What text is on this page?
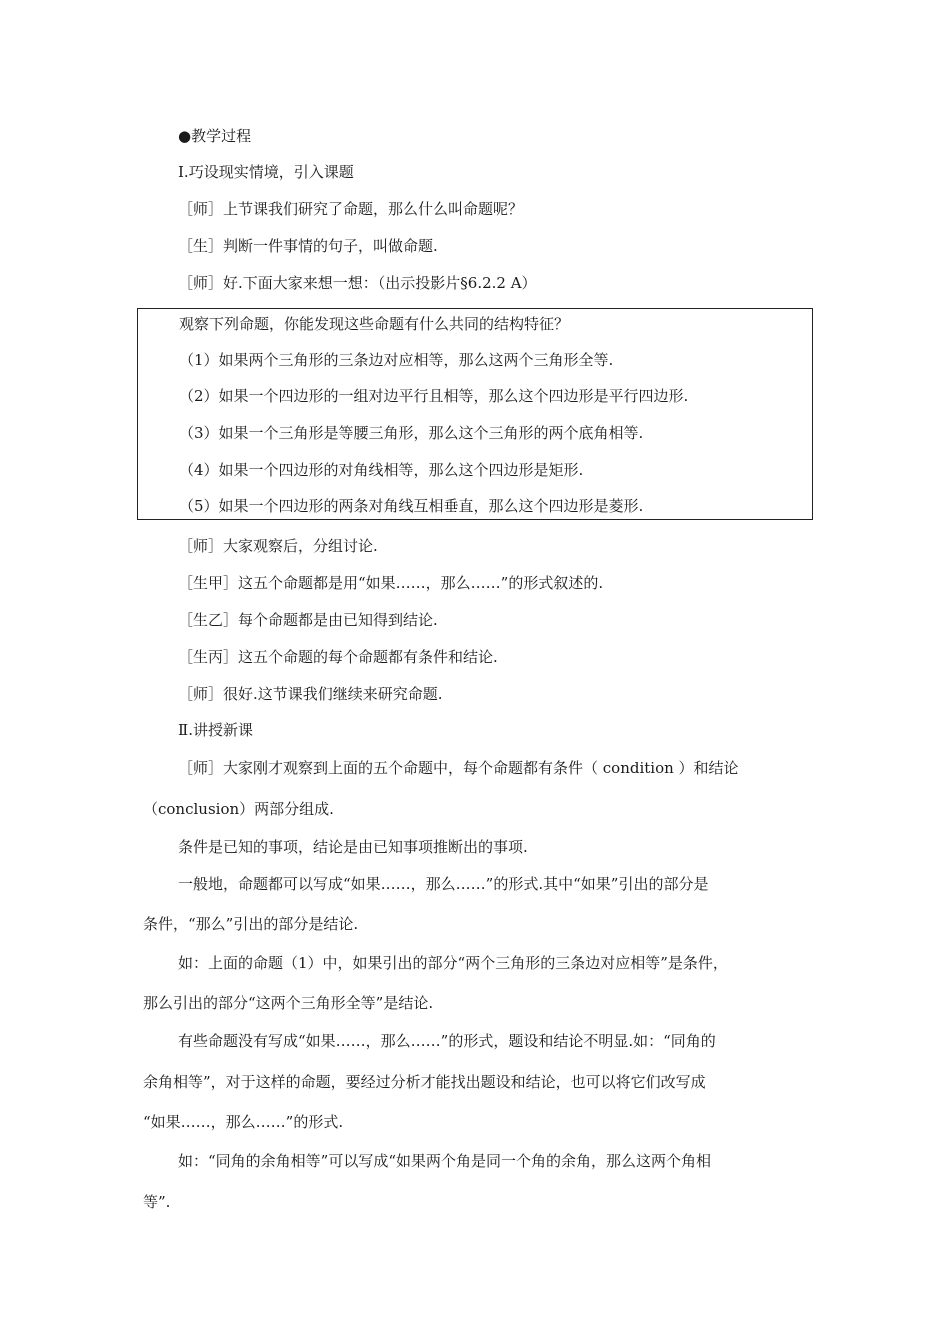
●教学过程
Ⅰ.巧设现实情境，引入课题
［师］上节课我们研究了命题，那么什么叫命题呢？
［生］判断一件事情的句子，叫做命题.
［师］好.下面大家来想一想：（出示投影片§6.2.2 A）
观察下列命题，你能发现这些命题有什么共同的结构特征？
（1）如果两个三角形的三条边对应相等，那么这两个三角形全等.
（2）如果一个四边形的一组对边平行且相等，那么这个四边形是平行四边形.
（3）如果一个三角形是等腰三角形，那么这个三角形的两个底角相等.
（4）如果一个四边形的对角线相等，那么这个四边形是矩形.
（5）如果一个四边形的两条对角线互相垂直，那么这个四边形是菱形.
［师］大家观察后，分组讨论.
［生甲］这五个命题都是用“如果……，那么……”的形式叙述的.
［生乙］每个命题都是由已知得到结论.
［生丙］这五个命题的每个命题都有条件和结论.
［师］很好.这节课我们继续来研究命题.
Ⅱ.讲授新课
［师］大家刚才观察到上面的五个命题中，每个命题都有条件（ condition ）和结论
（conclusion）两部分组成.
条件是已知的事项，结论是由已知事项推断出的事项.
一般地，命题都可以写成“如果……，那么……”的形式.其中“如果”引出的部分是
条件，“那么”引出的部分是结论.
如：上面的命题（1）中，如果引出的部分“两个三角形的三条边对应相等”是条件，
那么引出的部分“这两个三角形全等”是结论.
有些命题没有写成“如果……，那么……”的形式，题设和结论不明显.如：“同角的
余角相等”，对于这样的命题，要经过分析才能找出题设和结论，也可以将它们改写成
“如果……，那么……”的形式.
如：“同角的余角相等”可以写成“如果两个角是同一个角的余角，那么这两个角相
等”.
